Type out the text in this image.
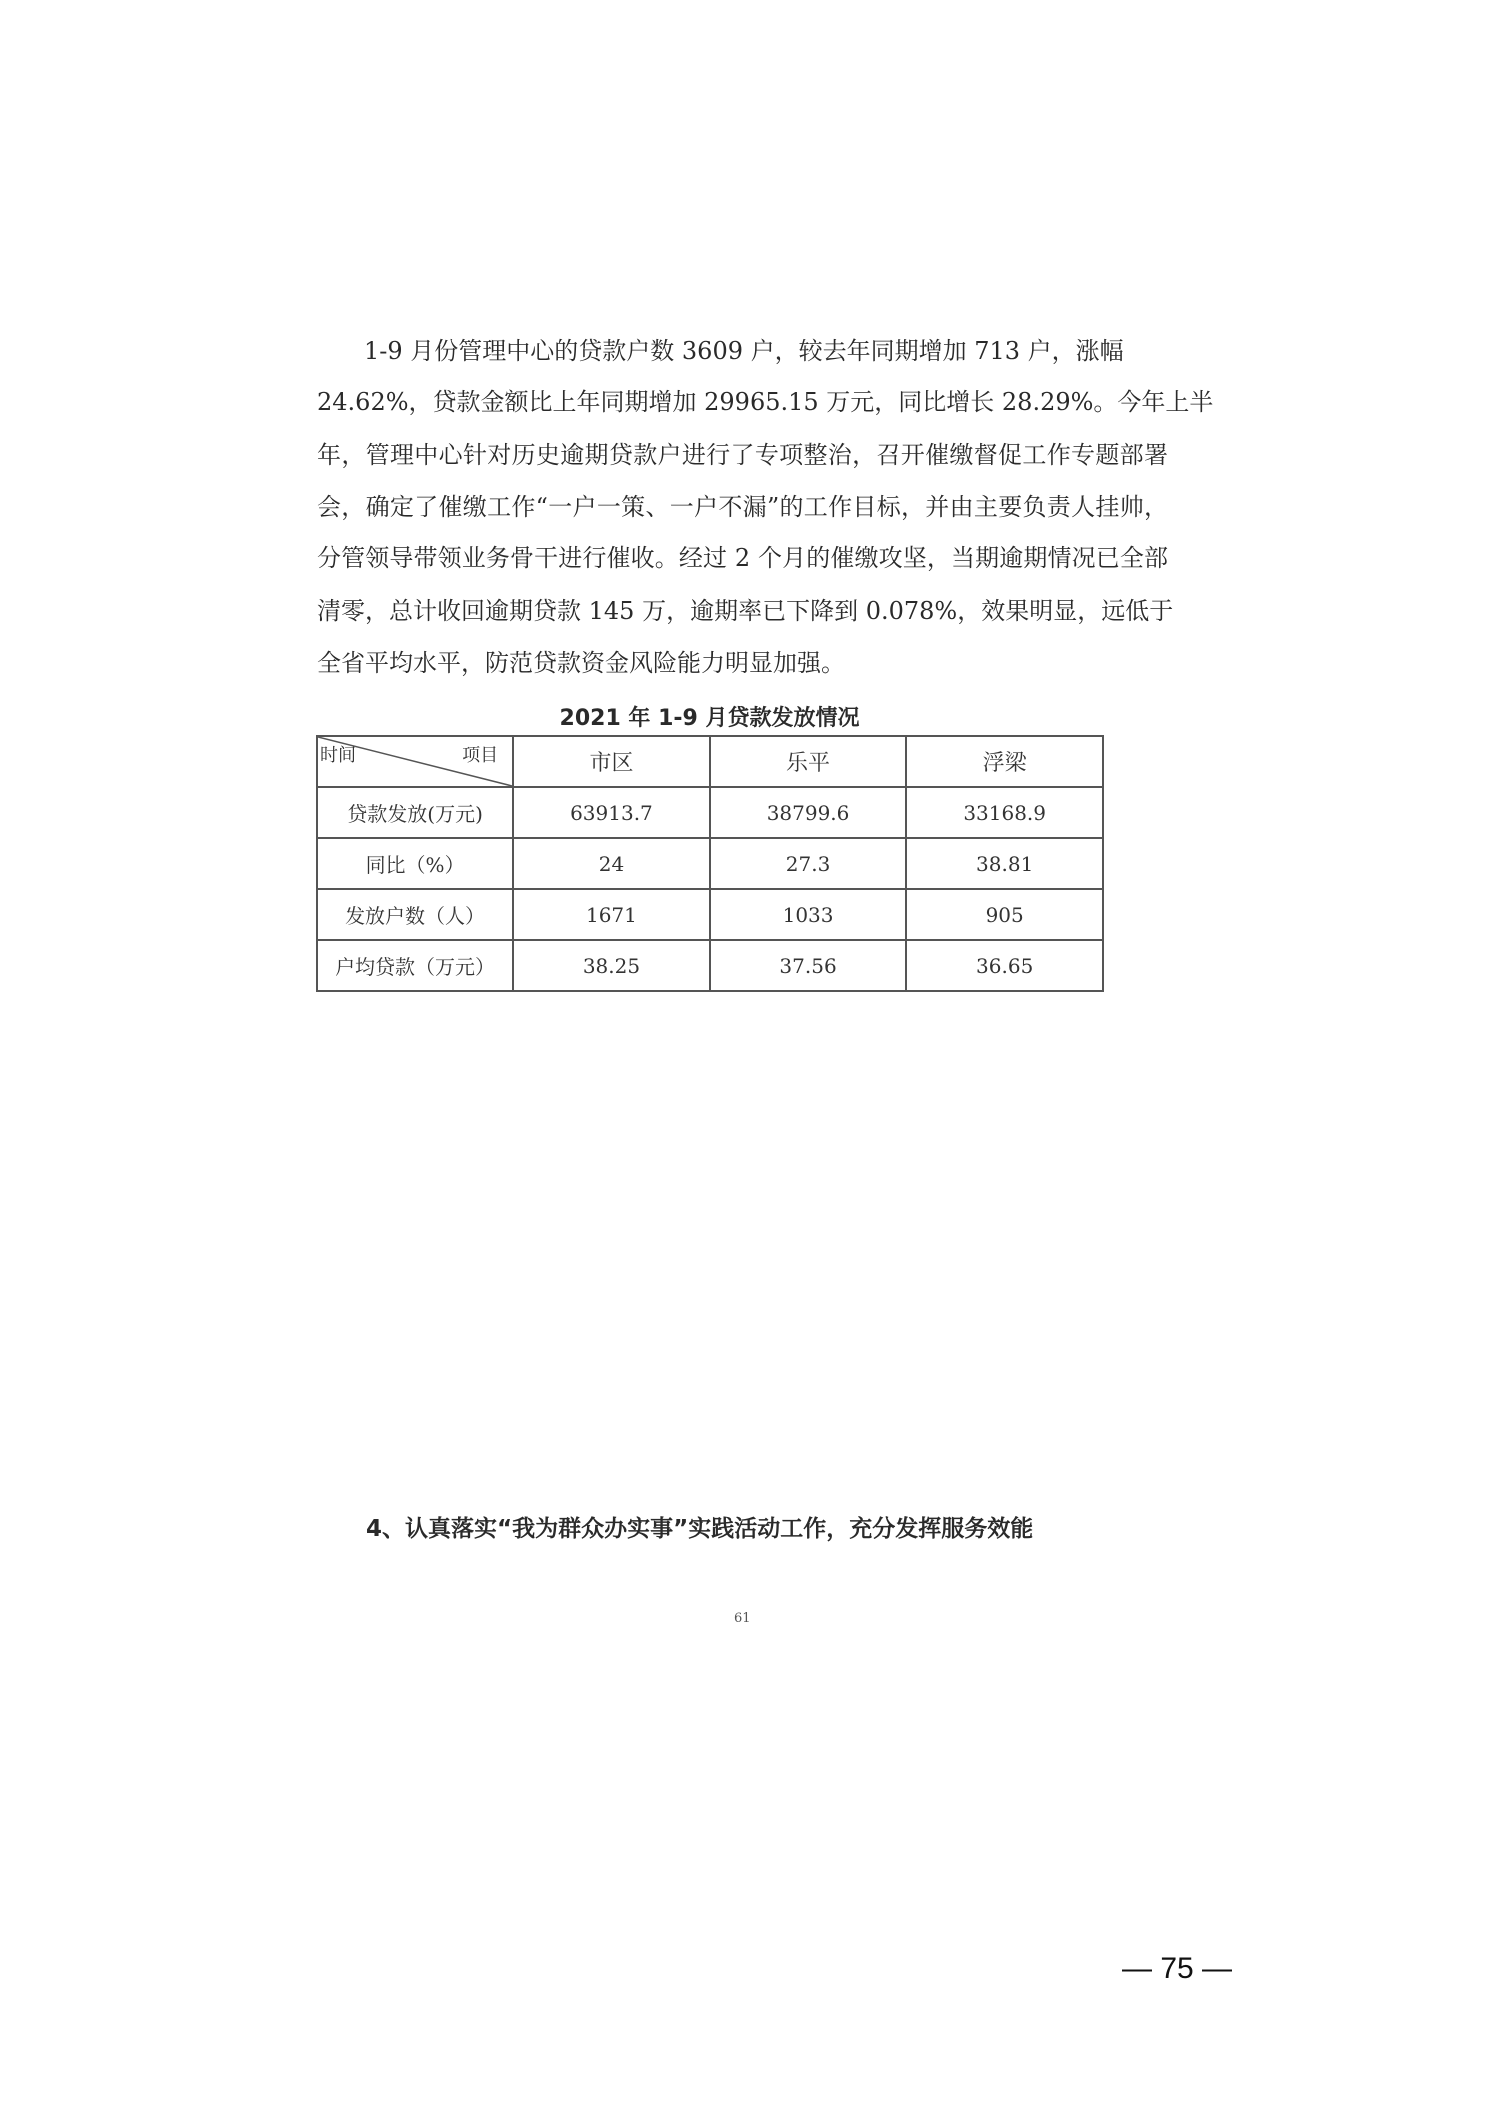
1-9 月份管理中心的贷款户数 3609 户，较去年同期增加 713 户，涨幅
24.62%，贷款金额比上年同期增加 29965.15 万元，同比增长 28.29%。今年上半
年，管理中心针对历史逾期贷款户进行了专项整治，召开催缴督促工作专题部署
会，确定了催缴工作“一户一策、一户不漏”的工作目标，并由主要负责人挂帅，
分管领导带领业务骨干进行催收。经过 2 个月的催缴攻坚，当期逾期情况已全部
清零，总计收回逾期贷款 145 万，逾期率已下降到 0.078%，效果明显，远低于
全省平均水平，防范贷款资金风险能力明显加强。
2021 年 1-9 月贷款发放情况
时间 项目	市区	乐平	浮梁
贷款发放(万元)	63913.7	38799.6	33168.9
同比（%）	24	27.3	38.81
发放户数（人）	1671	1033	905
户均贷款（万元）	38.25	37.56	36.65
4、认真落实“我为群众办实事”实践活动工作，充分发挥服务效能
61
— 75 —
